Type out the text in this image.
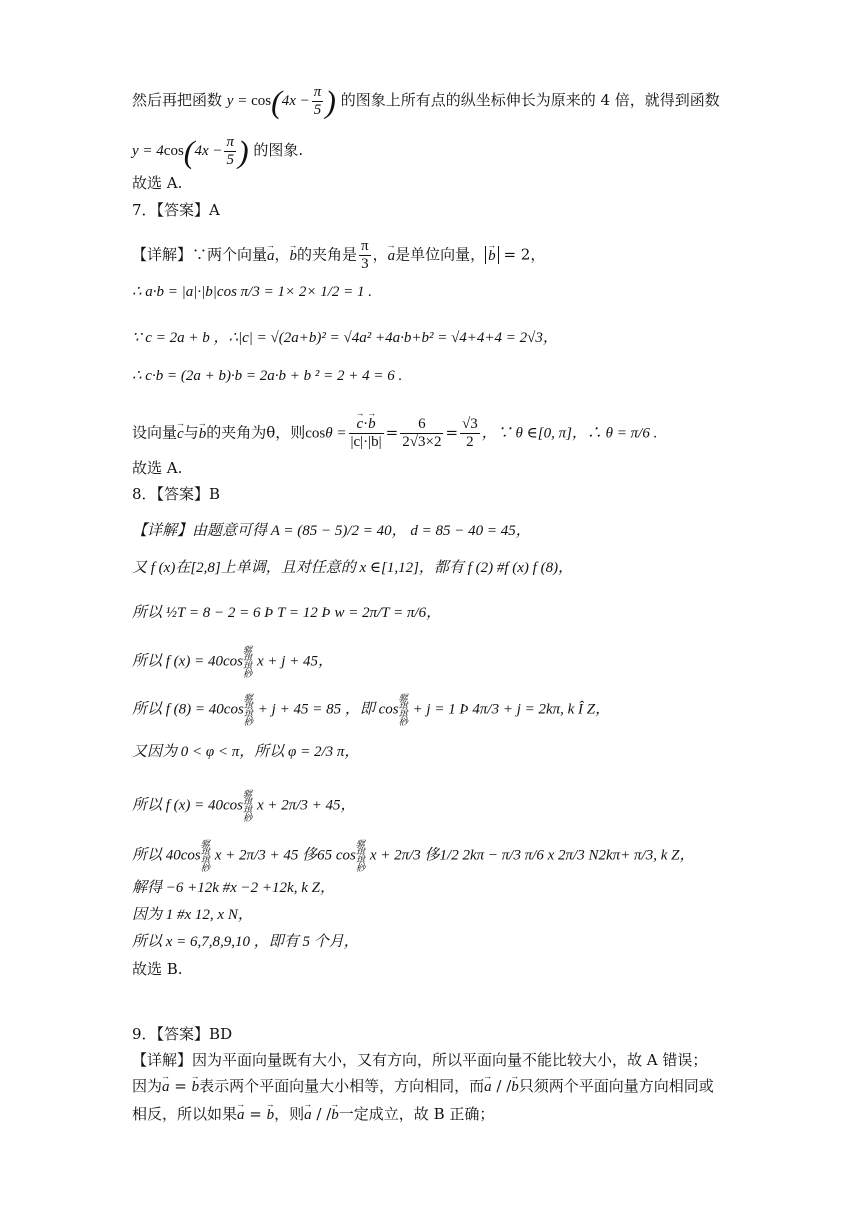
然后再把函数 $y = \cos(4x - \frac{\pi}{5}$ ) 的图象上所有点的纵坐标伸长为原来的 4 倍，就得到函数
$y = 4\cos(4x - \frac{\pi}{5}$ ) 的图象.
故选 A.
7．【答案】A
【详解】∵两个向量→ a，→ b的夹角是 $\frac{\pi}{3}$ ，→ a是单位向量， → b = 2，
∴ a·b = |a|·|b|cos π/3 = 1× 2× 1/2 = 1 .
∵ c = 2a + b ，∴|c| = √(2a+b)² = √4a² +4a·b+b² = √4+4+4 = 2√3，
∴ c·b = (2a + b)·b = 2a·b + b ² = 2 + 4 = 6 .
设向量→ c与→ b的夹角为θ，则cosθ = → $\frac{c\cdot\to b}{|c|\cdot|b|} = \frac{6}{2√3\times 2} = \frac{√3}{2}$ ，∵ θ ∈[0, π]，∴ θ = π/6 .
故选 A.
8．【答案】B
【详解】由题意可得 A = (85 − 5)/2 = 40， d = 85 − 40 = 45，
又 f (x)在[2,8]上单调，且对任意的 x ∈[1,12]，都有 f (2) #f (x) f (8)，
所以 ½T = 8 − 2 = 6 Þ T = 12 Þ w = 2π/T = π/6，
所以 f (x) = 40cos骣琪琪桫x + j + 45，
所以 f (8) = 40cos骣琪琪桫+ j + 45 = 85 ，即 cos骣琪琪桫+ j = 1 Þ 4π/3 + j = 2kπ, k Î Z，
又因为 0 < φ < π，所以 φ = 2/3 π，
所以 f (x) = 40cos骣琪琪桫x + 2π/3 + 45，
所以 40cos骣琪琪桫x + 2π/3 + 45 侈65 cos骣琪琪桫x + 2π/3 侈1/2 2kπ − π/3 π/6 x 2π/3 N2kπ+ π/3, k Z，
解得 −6 +12k #x −2 +12k, k Z，
因为 1 #x 12, x N，
所以 x = 6,7,8,9,10 ，即有 5 个月，
故选 B.
9．【答案】BD
【详解】因为平面向量既有大小，又有方向，所以平面向量不能比较大小，故 A 错误；
因为→ a = → b表示两个平面向量大小相等，方向相同，而→ a / /→ b只须两个平面向量方向相同或
相反，所以如果→ a = → b，则→ a / /→ b一定成立，故 B 正确；
